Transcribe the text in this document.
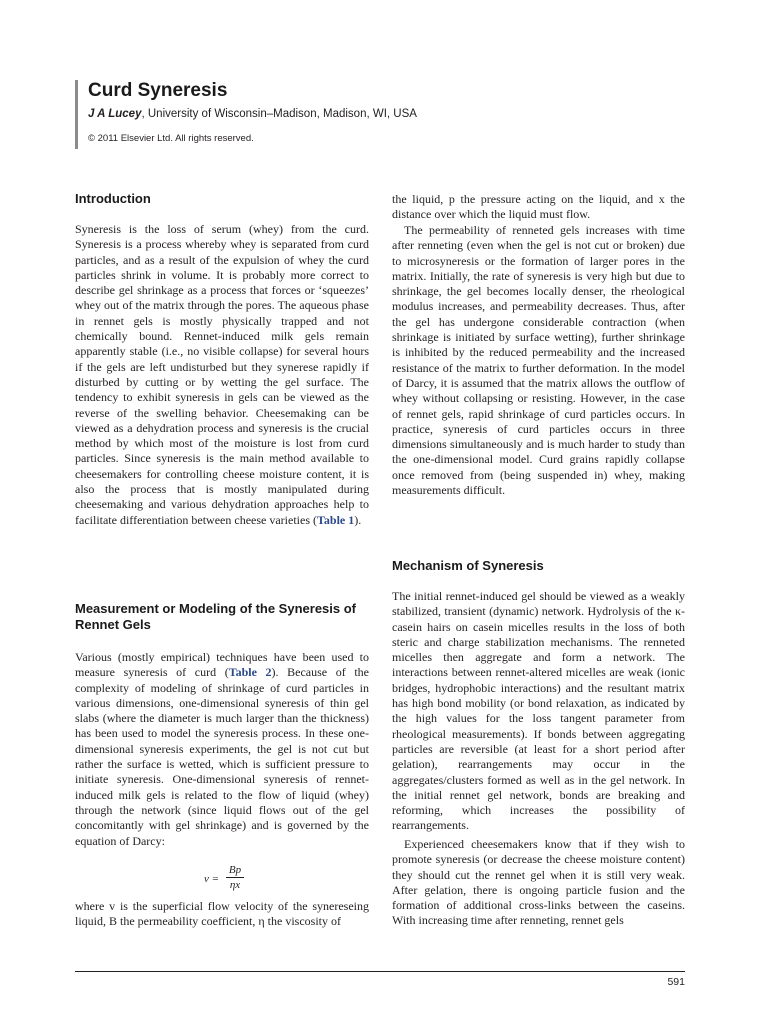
Curd Syneresis
J A Lucey, University of Wisconsin–Madison, Madison, WI, USA
© 2011 Elsevier Ltd. All rights reserved.
Introduction

Syneresis is the loss of serum (whey) from the curd. Syneresis is a process whereby whey is separated from curd particles, and as a result of the expulsion of whey the curd particles shrink in volume. It is probably more correct to describe gel shrinkage as a process that forces or ‘squeezes’ whey out of the matrix through the pores. The aqueous phase in rennet gels is mostly physically trapped and not chemically bound. Rennet-induced milk gels remain apparently stable (i.e., no visible collapse) for several hours if the gels are left undisturbed but they synerese rapidly if disturbed by cutting or by wetting the gel surface. The tendency to exhibit syneresis in gels can be viewed as the reverse of the swelling behavior. Cheesemaking can be viewed as a dehydration process and syneresis is the crucial method by which most of the moisture is lost from curd particles. Since syneresis is the main method available to cheesemakers for controlling cheese moisture content, it is also the process that is mostly manipulated during cheesemaking and various dehydration approaches help to facilitate differentiation between cheese varieties (Table 1).

Measurement or Modeling of the Syneresis of Rennet Gels

Various (mostly empirical) techniques have been used to measure syneresis of curd (Table 2). Because of the complexity of modeling of shrinkage of curd particles in various dimensions, one-dimensional syneresis of thin gel slabs (where the diameter is much larger than the thickness) has been used to model the syneresis process. In these one-dimensional syneresis experiments, the gel is not cut but rather the surface is wetted, which is sufficient pressure to initiate syneresis. One-dimensional syneresis of rennet-induced milk gels is related to the flow of liquid (whey) through the network (since liquid flows out of the gel concomitantly with gel shrinkage) and is governed by the equation of Darcy:

$v = \frac{Bp}{\eta x}$

where v is the superficial flow velocity of the synereseing liquid, B the permeability coefficient, η the viscosity of

the liquid, p the pressure acting on the liquid, and x the distance over which the liquid must flow.

The permeability of renneted gels increases with time after renneting (even when the gel is not cut or broken) due to microsyneresis or the formation of larger pores in the matrix. Initially, the rate of syneresis is very high but due to shrinkage, the gel becomes locally denser, the rheological modulus increases, and permeability decreases. Thus, after the gel has undergone considerable contraction (when shrinkage is initiated by surface wetting), further shrinkage is inhibited by the reduced permeability and the increased resistance of the matrix to further deformation. In the model of Darcy, it is assumed that the matrix allows the outflow of whey without collapsing or resisting. However, in the case of rennet gels, rapid shrinkage of curd particles occurs. In practice, syneresis of curd particles occurs in three dimensions simultaneously and is much harder to study than the one-dimensional model. Curd grains rapidly collapse once removed from (being suspended in) whey, making measurements difficult.

Mechanism of Syneresis

The initial rennet-induced gel should be viewed as a weakly stabilized, transient (dynamic) network. Hydrolysis of the κ-casein hairs on casein micelles results in the loss of both steric and charge stabilization mechanisms. The renneted micelles then aggregate and form a network. The interactions between rennet-altered micelles are weak (ionic bridges, hydrophobic interactions) and the resultant matrix has high bond mobility (or bond relaxation, as indicated by the high values for the loss tangent parameter from rheological measurements). If bonds between aggregating particles are reversible (at least for a short period after gelation), rearrangements may occur in the aggregates/clusters formed as well as in the gel network. In the initial rennet gel network, bonds are breaking and reforming, which increases the possibility of rearrangements.

Experienced cheesemakers know that if they wish to promote syneresis (or decrease the cheese moisture content) they should cut the rennet gel when it is still very weak. After gelation, there is ongoing particle fusion and the formation of additional cross-links between the caseins. With increasing time after renneting, rennet gels

591
